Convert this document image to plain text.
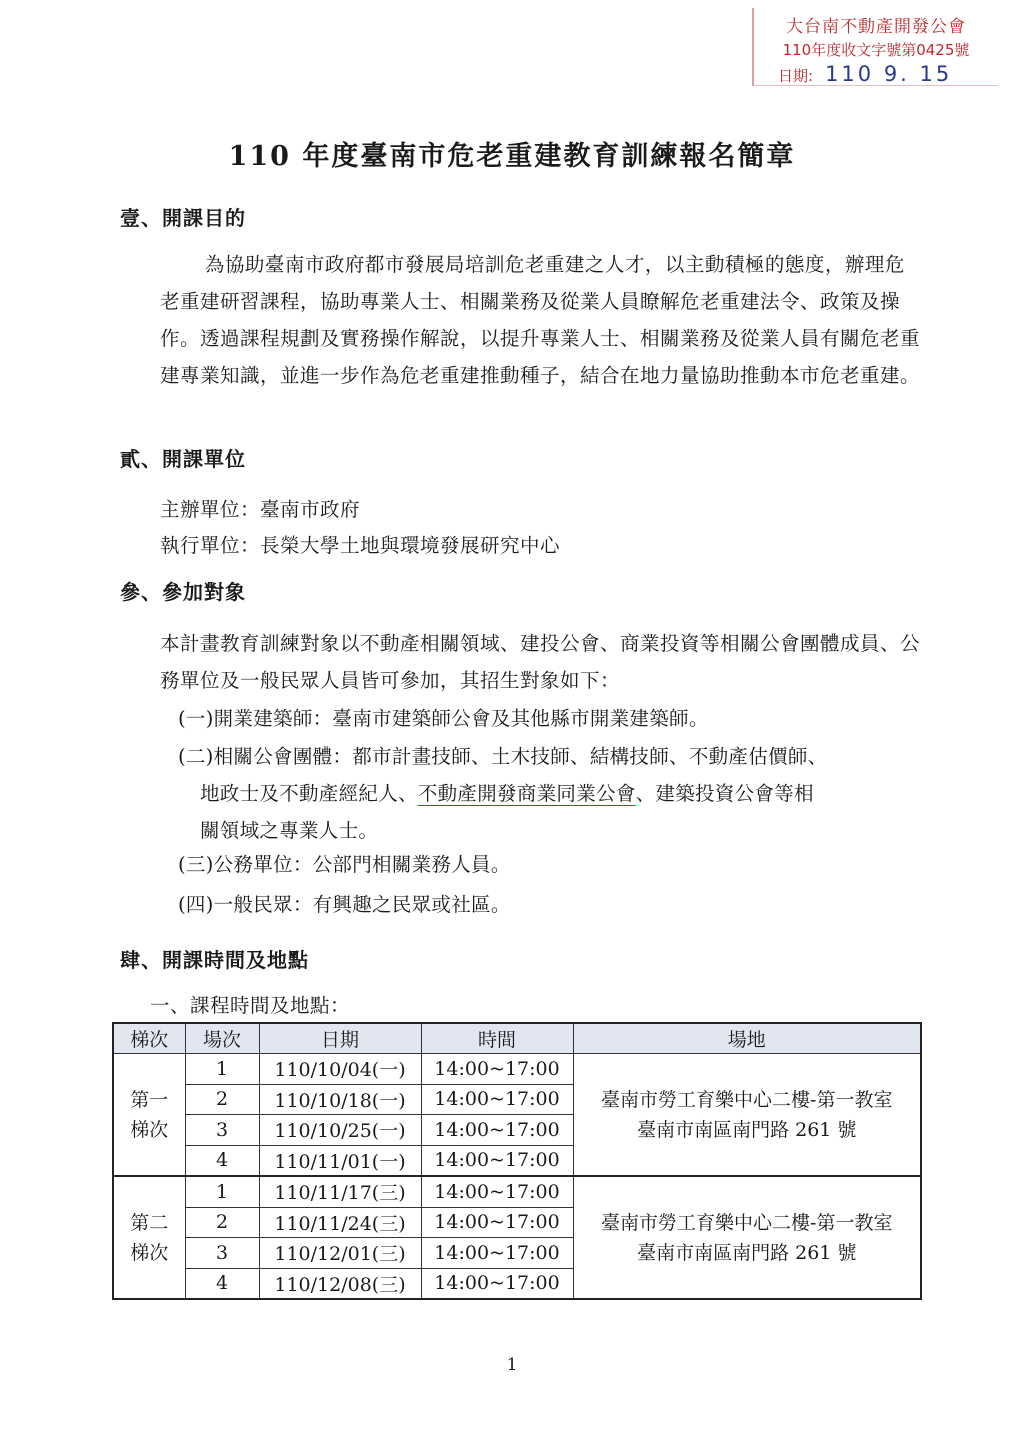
大台南不動產開發公會
110年度收文字號第0425號
日期: 110 9. 15
110 年度臺南市危老重建教育訓練報名簡章
壹、開課目的

為協助臺南市政府都市發展局培訓危老重建之人才，以主動積極的態度，辦理危老重建研習課程，協助專業人士、相關業務及從業人員瞭解危老重建法令、政策及操作。透過課程規劃及實務操作解說，以提升專業人士、相關業務及從業人員有關危老重建專業知識，並進一步作為危老重建推動種子，結合在地力量協助推動本市危老重建。

貳、開課單位
主辦單位：臺南市政府
執行單位：長榮大學土地與環境發展研究中心
參、參加對象

本計畫教育訓練對象以不動產相關領域、建投公會、商業投資等相關公會團體成員、公務單位及一般民眾人員皆可參加，其招生對象如下：

(一)開業建築師：臺南市建築師公會及其他縣市開業建築師。
(二)相關公會團體：都市計畫技師、土木技師、結構技師、不動產估價師、
地政士及不動產經紀人、不動產開發商業同業公會、建築投資公會等相
關領域之專業人士。
(三)公務單位：公部門相關業務人員。
(四)一般民眾：有興趣之民眾或社區。
肆、開課時間及地點
一、課程時間及地點：
梯次	場次	日期	時間	場地
第一
梯次	1	110/10/04(一)	14:00~17:00	臺南市勞工育樂中心二樓-第一教室
臺南市南區南門路 261 號
	2	110/10/18(一)	14:00~17:00	
	3	110/10/25(一)	14:00~17:00	
	4	110/11/01(一)	14:00~17:00	
第二
梯次	1	110/11/17(三)	14:00~17:00	臺南市勞工育樂中心二樓-第一教室
臺南市南區南門路 261 號
	2	110/11/24(三)	14:00~17:00	
	3	110/12/01(三)	14:00~17:00	
	4	110/12/08(三)	14:00~17:00	
1
